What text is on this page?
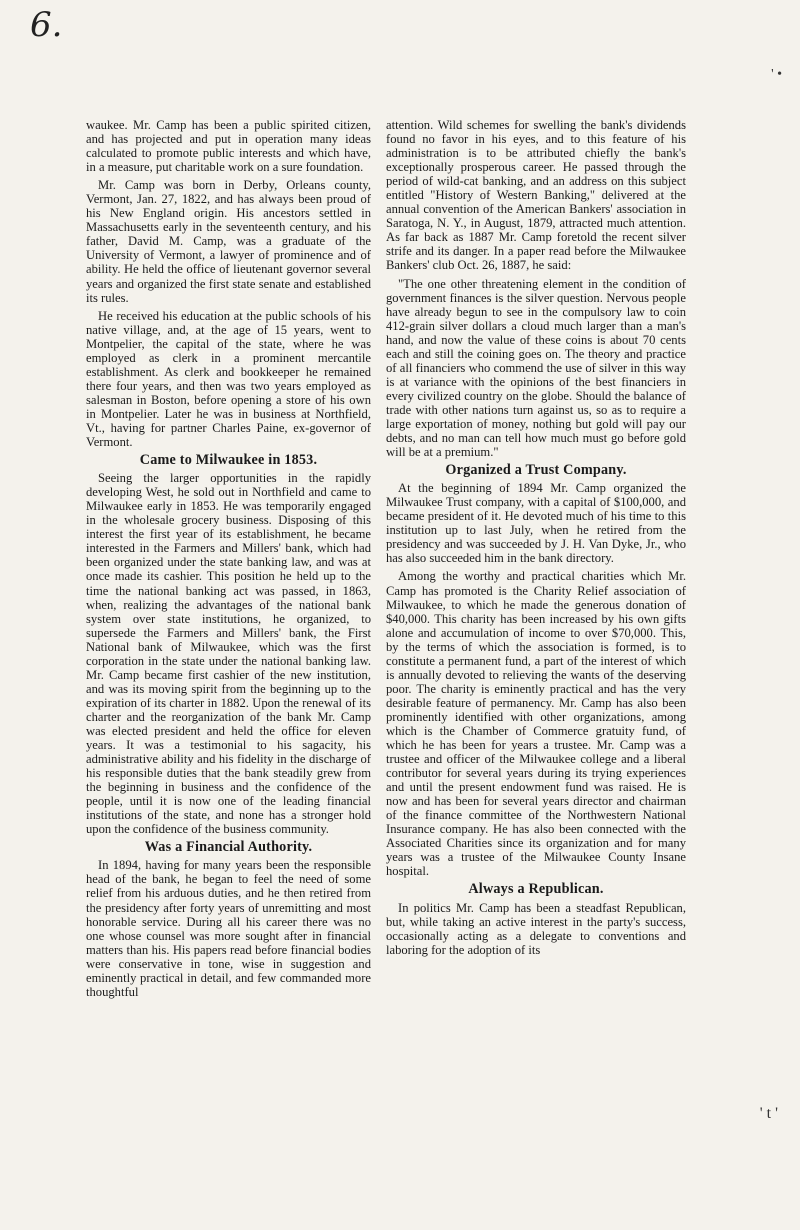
6.
' •
' t '

waukee. Mr. Camp has been a public spirited citizen, and has projected and put in operation many ideas calculated to promote public interests and which have, in a measure, put charitable work on a sure foundation.

Mr. Camp was born in Derby, Orleans county, Vermont, Jan. 27, 1822, and has always been proud of his New England origin. His ancestors settled in Massachusetts early in the seventeenth century, and his father, David M. Camp, was a graduate of the University of Vermont, a lawyer of prominence and of ability. He held the office of lieutenant governor several years and organized the first state senate and established its rules.

He received his education at the public schools of his native village, and, at the age of 15 years, went to Montpelier, the capital of the state, where he was employed as clerk in a prominent mercantile establishment. As clerk and bookkeeper he remained there four years, and then was two years employed as salesman in Boston, before opening a store of his own in Montpelier. Later he was in business at Northfield, Vt., having for partner Charles Paine, ex-governor of Vermont.

Came to Milwaukee in 1853.

Seeing the larger opportunities in the rapidly developing West, he sold out in Northfield and came to Milwaukee early in 1853. He was temporarily engaged in the wholesale grocery business. Disposing of this interest the first year of its establishment, he became interested in the Farmers and Millers' bank, which had been organized under the state banking law, and was at once made its cashier. This position he held up to the time the national banking act was passed, in 1863, when, realizing the advantages of the national bank system over state institutions, he organized, to supersede the Farmers and Millers' bank, the First National bank of Milwaukee, which was the first corporation in the state under the national banking law. Mr. Camp became first cashier of the new institution, and was its moving spirit from the beginning up to the expiration of its charter in 1882. Upon the renewal of its charter and the reorganization of the bank Mr. Camp was elected president and held the office for eleven years. It was a testimonial to his sagacity, his administrative ability and his fidelity in the discharge of his responsible duties that the bank steadily grew from the beginning in business and the confidence of the people, until it is now one of the leading financial institutions of the state, and none has a stronger hold upon the confidence of the business community.

Was a Financial Authority.

In 1894, having for many years been the responsible head of the bank, he began to feel the need of some relief from his arduous duties, and he then retired from the presidency after forty years of unremitting and most honorable service. During all his career there was no one whose counsel was more sought after in financial matters than his. His papers read before financial bodies were conservative in tone, wise in suggestion and eminently practical in detail, and few commanded more thoughtful

attention. Wild schemes for swelling the bank's dividends found no favor in his eyes, and to this feature of his administration is to be attributed chiefly the bank's exceptionally prosperous career. He passed through the period of wild-cat banking, and an address on this subject entitled "History of Western Banking," delivered at the annual convention of the American Bankers' association in Saratoga, N. Y., in August, 1879, attracted much attention. As far back as 1887 Mr. Camp foretold the recent silver strife and its danger. In a paper read before the Milwaukee Bankers' club Oct. 26, 1887, he said:

"The one other threatening element in the condition of government finances is the silver question. Nervous people have already begun to see in the compulsory law to coin 412-grain silver dollars a cloud much larger than a man's hand, and now the value of these coins is about 70 cents each and still the coining goes on. The theory and practice of all financiers who commend the use of silver in this way is at variance with the opinions of the best financiers in every civilized country on the globe. Should the balance of trade with other nations turn against us, so as to require a large exportation of money, nothing but gold will pay our debts, and no man can tell how much must go before gold will be at a premium."

Organized a Trust Company.

At the beginning of 1894 Mr. Camp organized the Milwaukee Trust company, with a capital of $100,000, and became president of it. He devoted much of his time to this institution up to last July, when he retired from the presidency and was succeeded by J. H. Van Dyke, Jr., who has also succeeded him in the bank directory.

Among the worthy and practical charities which Mr. Camp has promoted is the Charity Relief association of Milwaukee, to which he made the generous donation of $40,000. This charity has been increased by his own gifts alone and accumulation of income to over $70,000. This, by the terms of which the association is formed, is to constitute a permanent fund, a part of the interest of which is annually devoted to relieving the wants of the deserving poor. The charity is eminently practical and has the very desirable feature of permanency. Mr. Camp has also been prominently identified with other organizations, among which is the Chamber of Commerce gratuity fund, of which he has been for years a trustee. Mr. Camp was a trustee and officer of the Milwaukee college and a liberal contributor for several years during its trying experiences and until the present endowment fund was raised. He is now and has been for several years director and chairman of the finance committee of the Northwestern National Insurance company. He has also been connected with the Associated Charities since its organization and for many years was a trustee of the Milwaukee County Insane hospital.

Always a Republican.

In politics Mr. Camp has been a steadfast Republican, but, while taking an active interest in the party's success, occasionally acting as a delegate to conventions and laboring for the adoption of its
